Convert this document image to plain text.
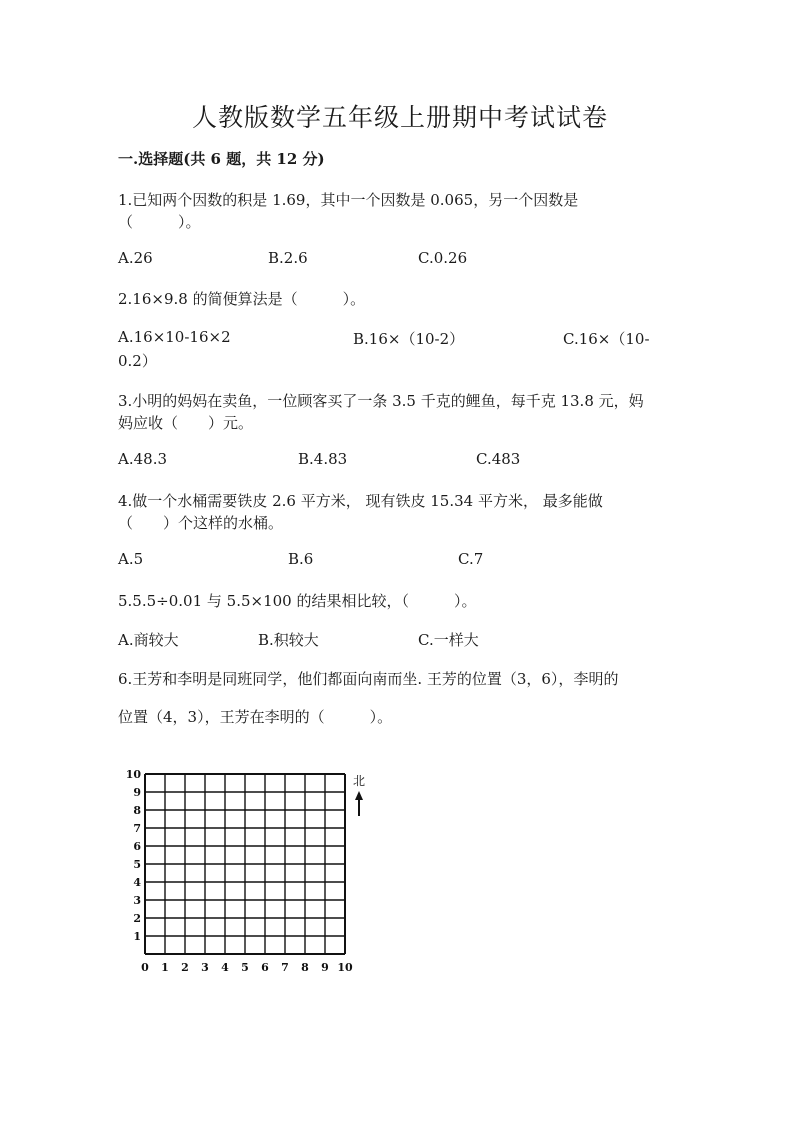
人教版数学五年级上册期中考试试卷
一.选择题(共 6 题，共 12 分)
1.已知两个因数的积是 1.69，其中一个因数是 0.065，另一个因数是
（　　　）。
A.26	B.2.6	C.0.26
2.16×9.8 的简便算法是（　　　）。
A.16×10-16×2	B.16×（10-2）	C.16×（10-
0.2）
3.小明的妈妈在卖鱼，一位顾客买了一条 3.5 千克的鲤鱼，每千克 13.8 元，妈
妈应收（　　）元。
A.48.3	B.4.83	C.483
4.做一个水桶需要铁皮 2.6 平方米， 现有铁皮 15.34 平方米， 最多能做
（　　）个这样的水桶。
A.5	B.6	C.7
5.5.5÷0.01 与 5.5×100 的结果相比较，（　　　）。
A.商较大	B.积较大	C.一样大
6.王芳和李明是同班同学，他们都面向南而坐. 王芳的位置（3，6），李明的
位置（4，3），王芳在李明的（　　　）。
10
9
8
7
6
5
4
3
2
1
0 1 2 3 4 5 6 7 8 9 10
北
